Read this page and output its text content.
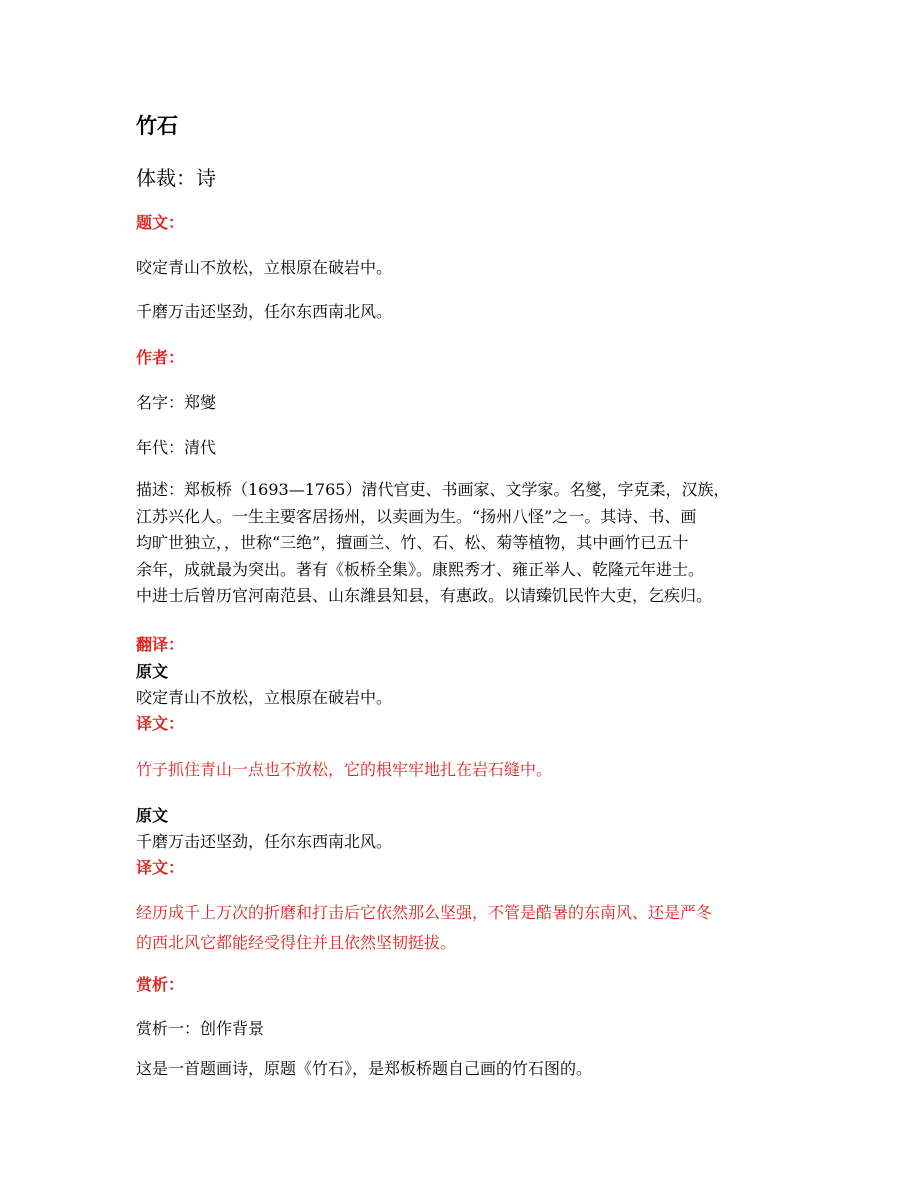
竹石

体裁：诗

题文：

咬定青山不放松，立根原在破岩中。

千磨万击还坚劲，任尔东西南北风。

作者：

名字：郑燮

年代：清代

描述：郑板桥（1693—1765）清代官吏、书画家、文学家。名燮，字克柔，汉族，
江苏兴化人。一生主要客居扬州，以卖画为生。“扬州八怪”之一。其诗、书、画
均旷世独立，，世称“三绝”，擅画兰、竹、石、松、菊等植物，其中画竹已五十
余年，成就最为突出。著有《板桥全集》。康熙秀才、雍正举人、乾隆元年进士。
中进士后曾历官河南范县、山东潍县知县，有惠政。以请臻饥民忤大吏，乞疾归。

翻译：

原文

咬定青山不放松，立根原在破岩中。

译文：

竹子抓住青山一点也不放松，它的根牢牢地扎在岩石缝中。

原文

千磨万击还坚劲，任尔东西南北风。

译文：

经历成千上万次的折磨和打击后它依然那么坚强，不管是酷暑的东南风、还是严冬
的西北风它都能经受得住并且依然坚韧挺拔。

赏析：

赏析一：创作背景

这是一首题画诗，原题《竹石》，是郑板桥题自己画的竹石图的。
